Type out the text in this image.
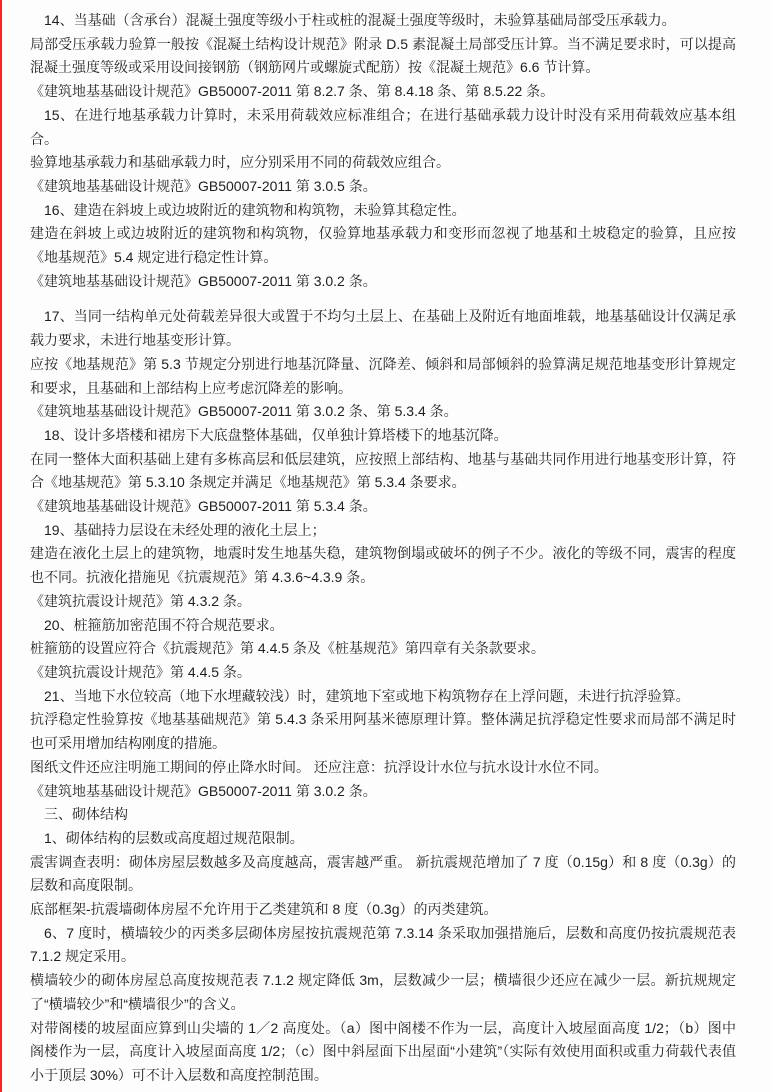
14、当基础（含承台）混凝土强度等级小于柱或桩的混凝土强度等级时，未验算基础局部受压承载力。

局部受压承载力验算一般按《混凝土结构设计规范》附录 D.5 素混凝土局部受压计算。当不满足要求时，可以提高混凝土强度等级或采用设间接钢筋（钢筋网片或螺旋式配筋）按《混凝土规范》6.6 节计算。

《建筑地基基础设计规范》GB50007-2011 第 8.2.7 条、第 8.4.18 条、第 8.5.22 条。

15、在进行地基承载力计算时，未采用荷载效应标准组合；在进行基础承载力设计时没有采用荷载效应基本组合。

验算地基承载力和基础承载力时，应分别采用不同的荷载效应组合。

《建筑地基基础设计规范》GB50007-2011 第 3.0.5 条。

16、建造在斜坡上或边坡附近的建筑物和构筑物，未验算其稳定性。

建造在斜坡上或边坡附近的建筑物和构筑物，仅验算地基承载力和变形而忽视了地基和土坡稳定的验算，且应按《地基规范》5.4 规定进行稳定性计算。

《建筑地基基础设计规范》GB50007-2011 第 3.0.2 条。

17、当同一结构单元处荷载差异很大或置于不均匀土层上、在基础上及附近有地面堆载，地基基础设计仅满足承载力要求，未进行地基变形计算。

应按《地基规范》第 5.3 节规定分别进行地基沉降量、沉降差、倾斜和局部倾斜的验算满足规范地基变形计算规定和要求，且基础和上部结构上应考虑沉降差的影响。

《建筑地基基础设计规范》GB50007-2011 第 3.0.2 条、第 5.3.4 条。

18、设计多塔楼和裙房下大底盘整体基础，仅单独计算塔楼下的地基沉降。

在同一整体大面积基础上建有多栋高层和低层建筑，应按照上部结构、地基与基础共同作用进行地基变形计算，符合《地基规范》第 5.3.10 条规定并满足《地基规范》第 5.3.4 条要求。

《建筑地基基础设计规范》GB50007-2011 第 5.3.4 条。

19、基础持力层设在未经处理的液化土层上；

建造在液化土层上的建筑物，地震时发生地基失稳，建筑物倒塌或破坏的例子不少。液化的等级不同，震害的程度也不同。抗液化措施见《抗震规范》第 4.3.6~4.3.9 条。

《建筑抗震设计规范》第 4.3.2 条。

20、桩箍筋加密范围不符合规范要求。

桩箍筋的设置应符合《抗震规范》第 4.4.5 条及《桩基规范》第四章有关条款要求。

《建筑抗震设计规范》第 4.4.5 条。

21、当地下水位较高（地下水埋藏较浅）时，建筑地下室或地下构筑物存在上浮问题，未进行抗浮验算。

抗浮稳定性验算按《地基基础规范》第 5.4.3 条采用阿基米德原理计算。整体满足抗浮稳定性要求而局部不满足时也可采用增加结构刚度的措施。

图纸文件还应注明施工期间的停止降水时间。 还应注意：抗浮设计水位与抗水设计水位不同。

《建筑地基基础设计规范》GB50007-2011 第 3.0.2 条。

三、砌体结构

1、砌体结构的层数或高度超过规范限制。

震害调查表明：砌体房屋层数越多及高度越高，震害越严重。 新抗震规范增加了 7 度（0.15g）和 8 度（0.3g）的层数和高度限制。

底部框架-抗震墙砌体房屋不允许用于乙类建筑和 8 度（0.3g）的丙类建筑。

6、7 度时，横墙较少的丙类多层砌体房屋按抗震规范第 7.3.14 条采取加强措施后，层数和高度仍按抗震规范表 7.1.2 规定采用。

横墙较少的砌体房屋总高度按规范表 7.1.2 规定降低 3m，层数减少一层；横墙很少还应在减少一层。新抗规规定了“横墙较少”和“横墙很少”的含义。

对带阁楼的坡屋面应算到山尖墙的 1／2 高度处。（a）图中阁楼不作为一层，高度计入坡屋面高度 1/2；（b）图中阁楼作为一层，高度计入坡屋面高度 1/2；（c）图中斜屋面下出屋面“小建筑”（实际有效使用面积或重力荷载代表值小于顶层 30%）可不计入层数和高度控制范围。
